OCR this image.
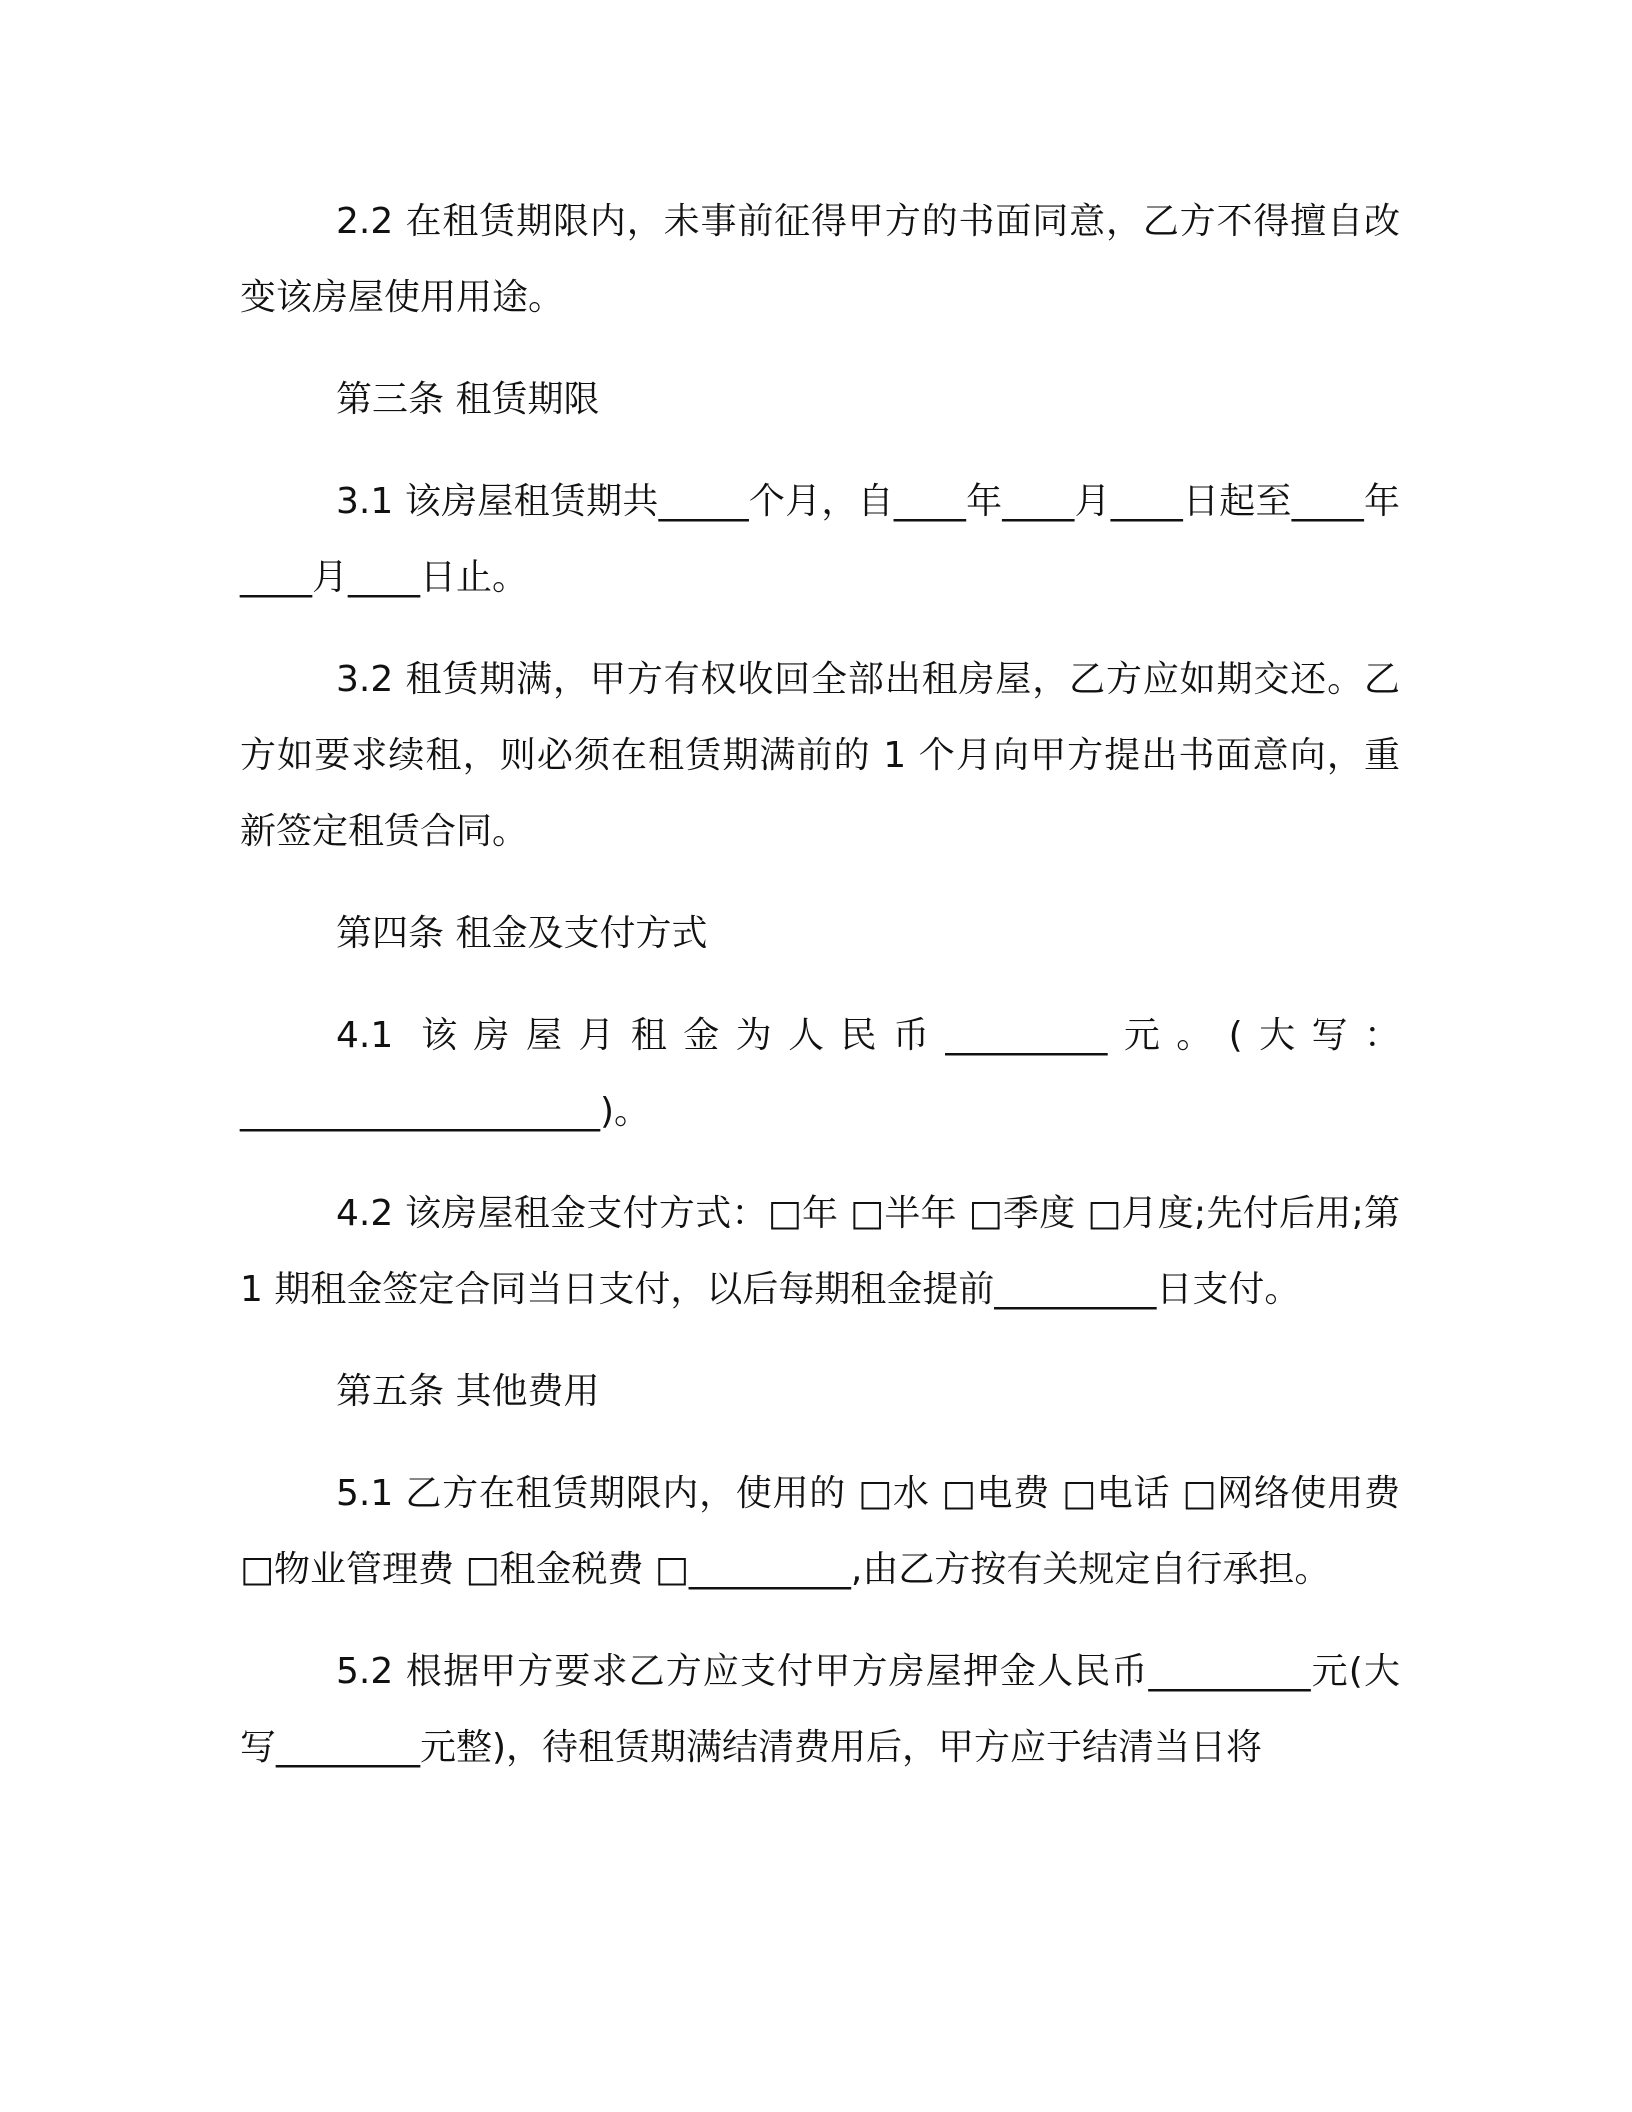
2.2 在租赁期限内，未事前征得甲方的书面同意，乙方不得擅自改变该房屋使用用途。

第三条 租赁期限

3.1 该房屋租赁期共_____个月，自____年____月____日起至____年____月____日止。

3.2 租赁期满，甲方有权收回全部出租房屋，乙方应如期交还。乙方如要求续租，则必须在租赁期满前的 1 个月向甲方提出书面意向，重新签定租赁合同。

第四条 租金及支付方式

4.1 该房屋月租金为人民币_________元。(大写：____________________)。

4.2 该房屋租金支付方式：□年 □半年 □季度 □月度;先付后用;第 1 期租金签定合同当日支付，以后每期租金提前_________日支付。

第五条 其他费用

5.1 乙方在租赁期限内，使用的 □水 □电费 □电话 □网络使用费 □物业管理费 □租金税费 □_________,由乙方按有关规定自行承担。

5.2 根据甲方要求乙方应支付甲方房屋押金人民币_________元(大写________元整)，待租赁期满结清费用后，甲方应于结清当日将
